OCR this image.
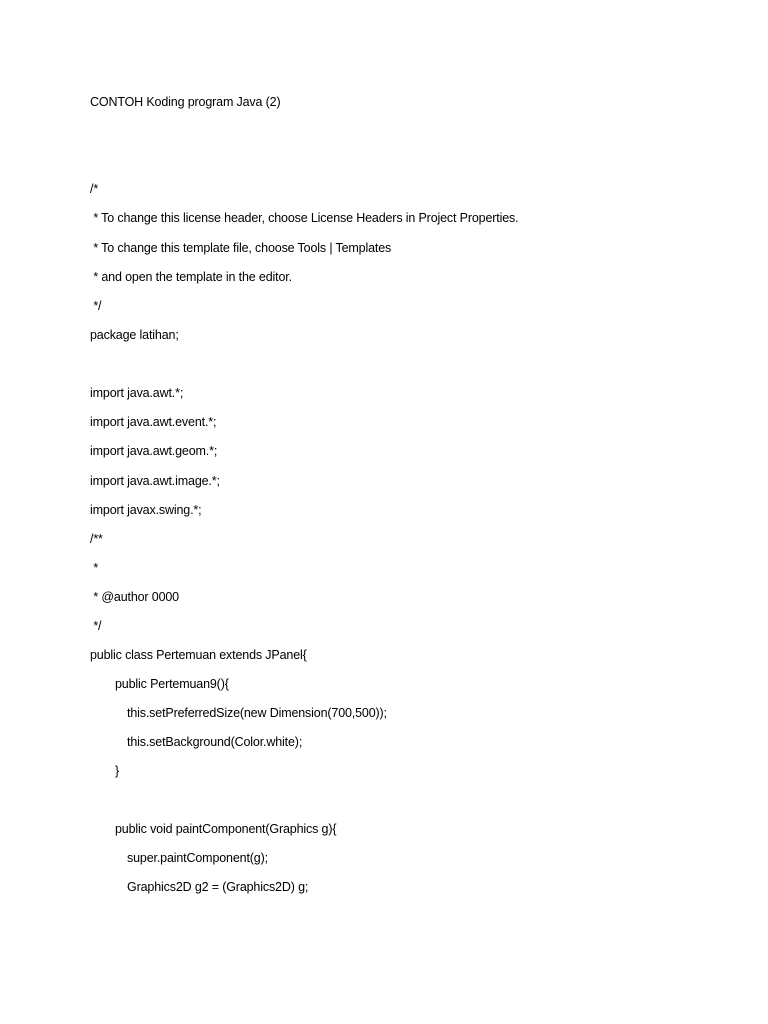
CONTOH Koding program Java (2)
/*
* To change this license header, choose License Headers in Project Properties.
* To change this template file, choose Tools | Templates
* and open the template in the editor.
*/
package latihan;
import java.awt.*;
import java.awt.event.*;
import java.awt.geom.*;
import java.awt.image.*;
import javax.swing.*;
/**
*
* @author 0000
*/
public class Pertemuan extends JPanel{
public Pertemuan9(){
this.setPreferredSize(new Dimension(700,500));
this.setBackground(Color.white);
}
public void paintComponent(Graphics g){
super.paintComponent(g);
Graphics2D g2 = (Graphics2D) g;
